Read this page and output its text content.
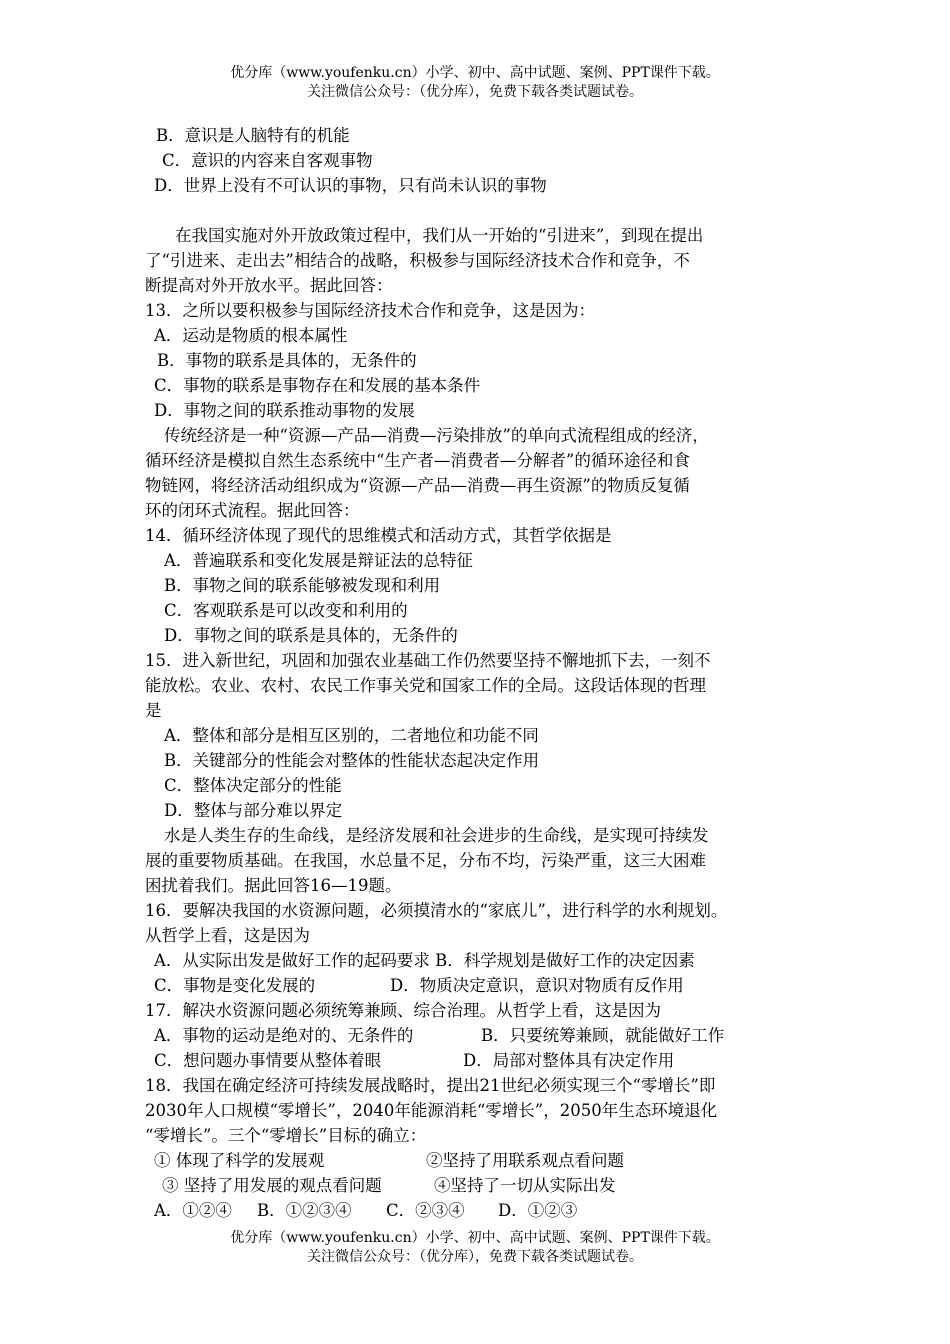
优分库（www.youfenku.cn）小学、初中、高中试题、案例、PPT课件下载。
关注微信公众号：（优分库），免费下载各类试题试卷。
B．意识是人脑特有的机能
C．意识的内容来自客观事物
D．世界上没有不可认识的事物，只有尚未认识的事物
在我国实施对外开放政策过程中，我们从一开始的“引进来”，到现在提出
了“引进来、走出去”相结合的战略，积极参与国际经济技术合作和竞争，不
断提高对外开放水平。据此回答：
13．之所以要积极参与国际经济技术合作和竞争，这是因为：
A．运动是物质的根本属性
B．事物的联系是具体的，无条件的
C．事物的联系是事物存在和发展的基本条件
D．事物之间的联系推动事物的发展
传统经济是一种“资源—产品—消费—污染排放”的单向式流程组成的经济，
循环经济是模拟自然生态系统中“生产者—消费者—分解者”的循环途径和食
物链网，将经济活动组织成为“资源—产品—消费—再生资源”的物质反复循
环的闭环式流程。据此回答：
14．循环经济体现了现代的思维模式和活动方式，其哲学依据是
A．普遍联系和变化发展是辩证法的总特征
B．事物之间的联系能够被发现和利用
C．客观联系是可以改变和利用的
D．事物之间的联系是具体的，无条件的
15．进入新世纪，巩固和加强农业基础工作仍然要坚持不懈地抓下去，一刻不
能放松。农业、农村、农民工作事关党和国家工作的全局。这段话体现的哲理
是
A．整体和部分是相互区别的，二者地位和功能不同
B．关键部分的性能会对整体的性能状态起决定作用
C．整体决定部分的性能
D．整体与部分难以界定
水是人类生存的生命线，是经济发展和社会进步的生命线，是实现可持续发
展的重要物质基础。在我国，水总量不足，分布不均，污染严重，这三大困难
困扰着我们。据此回答16—19题。
16．要解决我国的水资源问题，必须摸清水的“家底儿”，进行科学的水利规划。
从哲学上看，这是因为
A．从实际出发是做好工作的起码要求 B．科学规划是做好工作的决定因素
C．事物是变化发展的	D．物质决定意识，意识对物质有反作用
17．解决水资源问题必须统筹兼顾、综合治理。从哲学上看，这是因为
A．事物的运动是绝对的、无条件的	B．只要统筹兼顾，就能做好工作
C．想问题办事情要从整体着眼	D．局部对整体具有决定作用
18．我国在确定经济可持续发展战略时，提出21世纪必须实现三个“零增长”即
2030年人口规模“零增长”，2040年能源消耗“零增长”，2050年生态环境退化
“零增长”。三个“零增长”目标的确立：
① 体现了科学的发展观	②坚持了用联系观点看问题
③ 坚持了用发展的观点看问题	④坚持了一切从实际出发
A．①②④ B．①②③④ C．②③④ D．①②③
优分库（www.youfenku.cn）小学、初中、高中试题、案例、PPT课件下载。
关注微信公众号：（优分库），免费下载各类试题试卷。
